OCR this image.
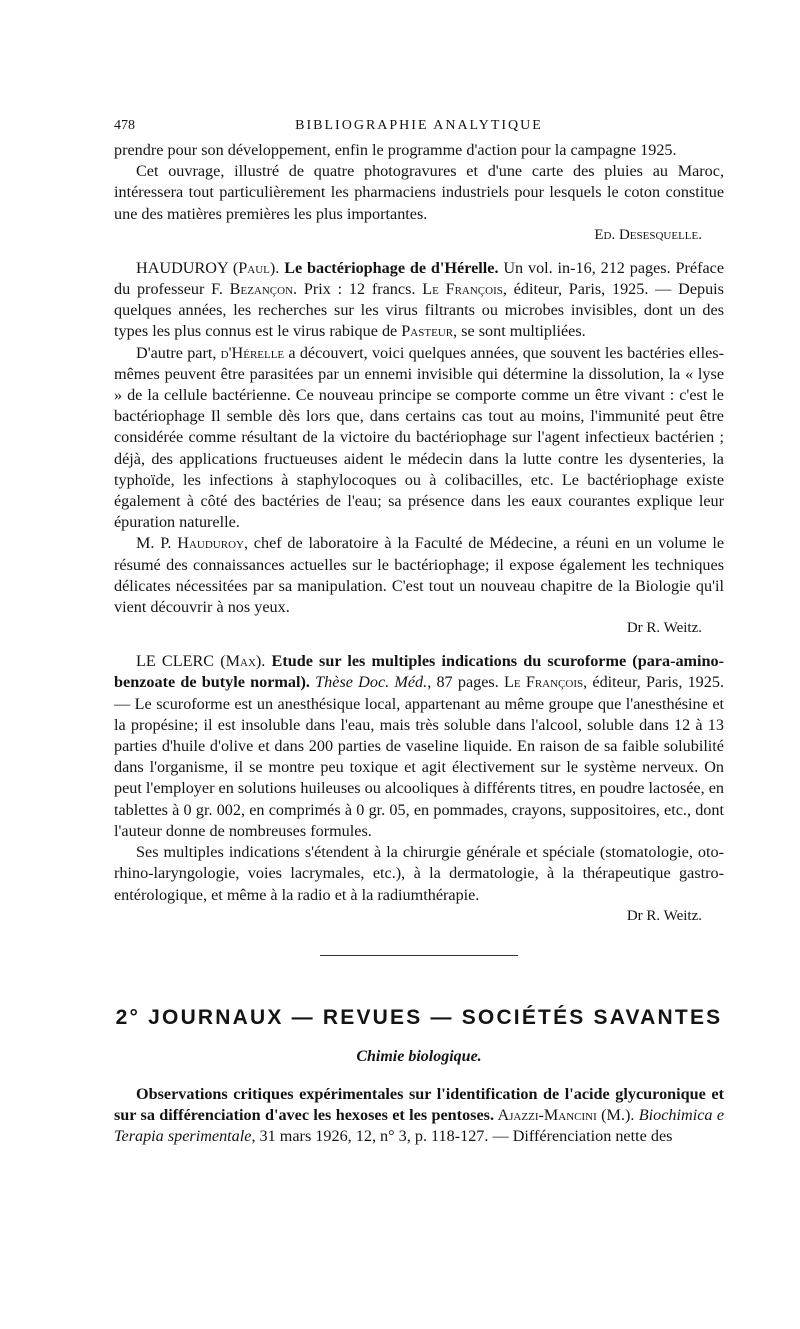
478	BIBLIOGRAPHIE ANALYTIQUE

prendre pour son développement, enfin le programme d'action pour la campagne 1925.

Cet ouvrage, illustré de quatre photogravures et d'une carte des pluies au Maroc, intéressera tout particulièrement les pharmaciens industriels pour lesquels le coton constitue une des matières premières les plus importantes.

Ed. Desesquelle.

HAUDUROY (Paul). Le bactériophage de d'Hérelle. Un vol. in-16, 212 pages. Préface du professeur F. Bezançon. Prix : 12 francs. Le François, éditeur, Paris, 1925. — Depuis quelques années, les recherches sur les virus filtrants ou microbes invisibles, dont un des types les plus connus est le virus rabique de Pasteur, se sont multipliées.

D'autre part, d'Hérelle a découvert, voici quelques années, que souvent les bactéries elles-mêmes peuvent être parasitées par un ennemi invisible qui détermine la dissolution, la « lyse » de la cellule bactérienne. Ce nouveau principe se comporte comme un être vivant : c'est le bactériophage Il semble dès lors que, dans certains cas tout au moins, l'immunité peut être considérée comme résultant de la victoire du bactériophage sur l'agent infectieux bactérien ; déjà, des applications fructueuses aident le médecin dans la lutte contre les dysenteries, la typhoïde, les infections à staphylocoques ou à colibacilles, etc. Le bactériophage existe également à côté des bactéries de l'eau; sa présence dans les eaux courantes explique leur épuration naturelle.

M. P. Hauduroy, chef de laboratoire à la Faculté de Médecine, a réuni en un volume le résumé des connaissances actuelles sur le bactériophage; il expose également les techniques délicates nécessitées par sa manipulation. C'est tout un nouveau chapitre de la Biologie qu'il vient découvrir à nos yeux.

Dr R. Weitz.

LE CLERC (Max). Etude sur les multiples indications du scuroforme (para-amino-benzoate de butyle normal). Thèse Doc. Méd., 87 pages. Le François, éditeur, Paris, 1925. — Le scuroforme est un anesthésique local, appartenant au même groupe que l'anesthésine et la propésine; il est insoluble dans l'eau, mais très soluble dans l'alcool, soluble dans 12 à 13 parties d'huile d'olive et dans 200 parties de vaseline liquide. En raison de sa faible solubilité dans l'organisme, il se montre peu toxique et agit électivement sur le système nerveux. On peut l'employer en solutions huileuses ou alcooliques à différents titres, en poudre lactosée, en tablettes à 0 gr. 002, en comprimés à 0 gr. 05, en pommades, crayons, suppositoires, etc., dont l'auteur donne de nombreuses formules.

Ses multiples indications s'étendent à la chirurgie générale et spéciale (stomatologie, oto-rhino-laryngologie, voies lacrymales, etc.), à la dermatologie, à la thérapeutique gastro-entérologique, et même à la radio et à la radiumthérapie.

Dr R. Weitz.
2° JOURNAUX — REVUES — SOCIÉTÉS SAVANTES
Chimie biologique.

Observations critiques expérimentales sur l'identification de l'acide glycuronique et sur sa différenciation d'avec les hexoses et les pentoses. Ajazzi-Mancini (M.). Biochimica e Terapia sperimentale, 31 mars 1926, 12, n° 3, p. 118-127. — Différenciation nette des
